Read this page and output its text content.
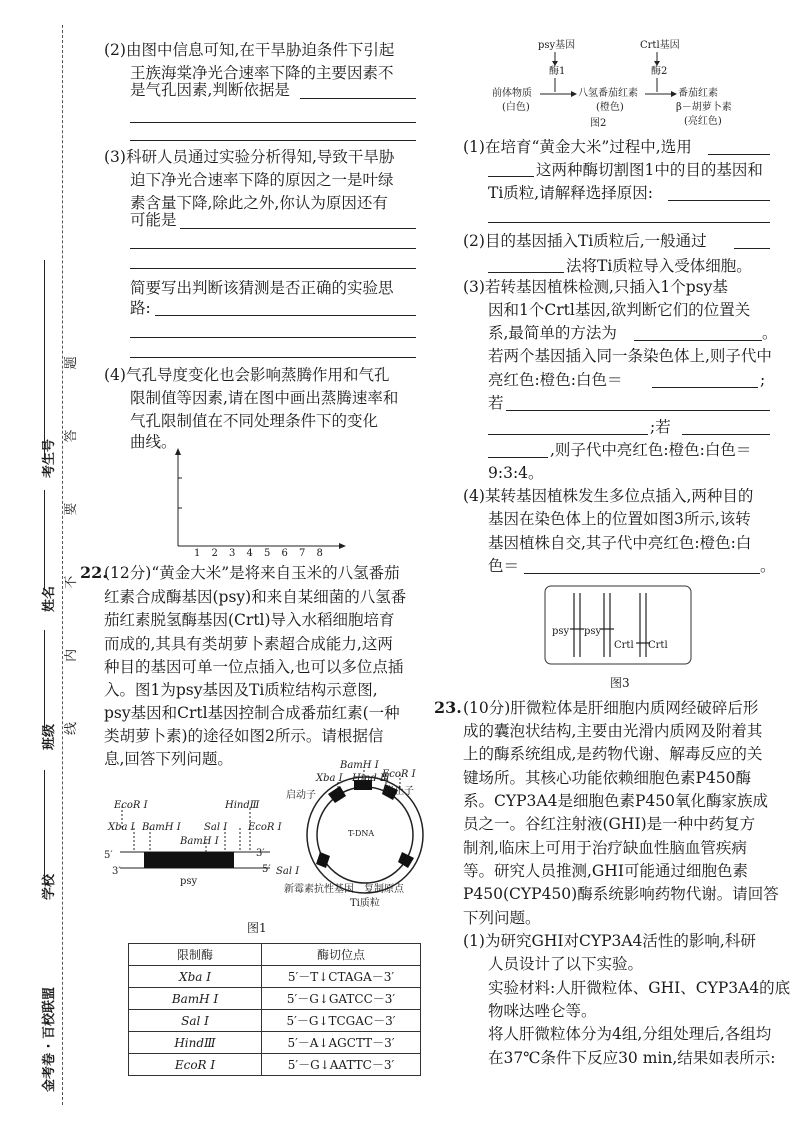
金考卷 · 百校联盟
学校
班级
姓名
考生号 线 内 不 要 答 题
(2)由图中信息可知,在干旱胁迫条件下引起
王族海棠净光合速率下降的主要因素不
是气孔因素,判断依据是
(3)科研人员通过实验分析得知,导致干旱胁
迫下净光合速率下降的原因之一是叶绿
素含量下降,除此之外,你认为原因还有
可能是
简要写出判断该猜测是否正确的实验思
路:
(4)气孔导度变化也会影响蒸腾作用和气孔
限制值等因素,请在图中画出蒸腾速率和
气孔限制值在不同处理条件下的变化
曲线。
1 2 3 4 5 6 7 8
22.
(12分)“黄金大米”是将来自玉米的八氢番茄
红素合成酶基因(psy)和来自某细菌的八氢番
茄红素脱氢酶基因(Crtl)导入水稻细胞培育
而成的,其具有类胡萝卜素超合成能力,这两
种目的基因可单一位点插入,也可以多位点插
入。图1为psy基因及Ti质粒结构示意图,
psy基因和Crtl基因控制合成番茄红素(一种
类胡萝卜素)的途径如图2所示。请根据信
息,回答下列问题。
EcoR Ⅰ	HindⅢ
Xba Ⅰ BamH Ⅰ Sal Ⅰ EcoR Ⅰ
BamH Ⅰ
5′	3′
3′	5′
psy
BamH Ⅰ
Xba Ⅰ Hind Ⅲ
EcoR Ⅰ
启动子	终止子
T-DNA
Sal Ⅰ
新霉素抗性基因 复制原点
Ti质粒
图1
限制酶	酶切位点
Xba Ⅰ	5′－T↓CTAGA－3′
BamH Ⅰ	5′－G↓GATCC－3′
Sal Ⅰ	5′－G↓TCGAC－3′
HindⅢ	5′－A↓AGCTT－3′
EcoR Ⅰ	5′－G↓AATTC－3′
psy基因	Crtl基因
酶1	酶2
前体物质
(白色)
八氢番茄红素
(橙色)
番茄红素
β－胡萝卜素
(亮红色)
图2
(1)在培育“黄金大米”过程中,选用
这两种酶切割图1中的目的基因和
Ti质粒,请解释选择原因:
(2)目的基因插入Ti质粒后,一般通过
法将Ti质粒导入受体细胞。
(3)若转基因植株检测,只插入1个psy基
因和1个Crtl基因,欲判断它们的位置关
系,最简单的方法为	。
若两个基因插入同一条染色体上,则子代中
亮红色:橙色:白色＝	;
若
;若
,则子代中亮红色:橙色:白色＝
9:3:4。
(4)某转基因植株发生多位点插入,两种目的
基因在染色体上的位置如图3所示,该转
基因植株自交,其子代中亮红色:橙色:白
色＝	。
psy psy
Crtl Crtl
图3
23. (10分)肝微粒体是肝细胞内质网经破碎后形
成的囊泡状结构,主要由光滑内质网及附着其
上的酶系统组成,是药物代谢、解毒反应的关
键场所。其核心功能依赖细胞色素P450酶
系。CYP3A4是细胞色素P450氧化酶家族成
员之一。谷红注射液(GHI)是一种中药复方
制剂,临床上可用于治疗缺血性脑血管疾病
等。研究人员推测,GHI可能通过细胞色素
P450(CYP450)酶系统影响药物代谢。请回答
下列问题。
(1)为研究GHI对CYP3A4活性的影响,科研
人员设计了以下实验。
实验材料:人肝微粒体、GHI、CYP3A4的底
物咪达唑仑等。
将人肝微粒体分为4组,分组处理后,各组均
在37℃条件下反应30 min,结果如表所示:
